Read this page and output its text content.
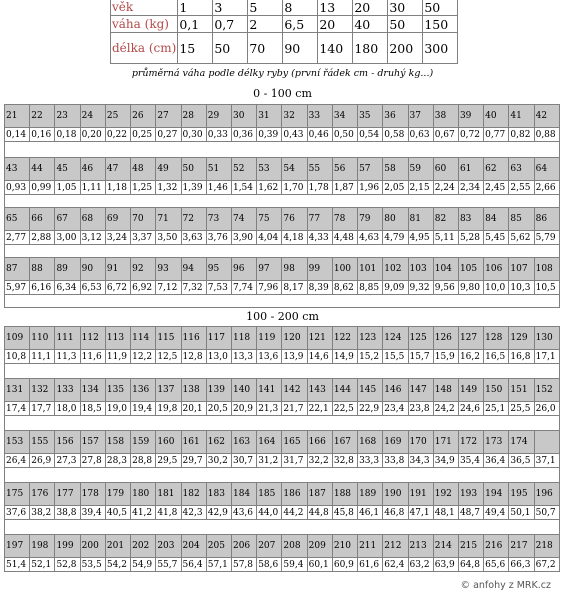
věk	1	3	5	8	13	20	30	50
váha (kg)	0,1	0,7	2	6,5	20	40	50	150
délka (cm)	15	50	70	90	140	180	200	300
průměrná váha podle délky ryby (první řádek cm - druhý kg...)
0 - 100 cm
21	22	23	24	25	26	27	28	29	30	31	32	33	34	35	36	37	38	39	40	41	42
0,14	0,16	0,18	0,20	0,22	0,25	0,27	0,30	0,33	0,36	0,39	0,43	0,46	0,50	0,54	0,58	0,63	0,67	0,72	0,77	0,82	0,88

43	44	45	46	47	48	49	50	51	52	53	54	55	56	57	58	59	60	61	62	63	64
0,93	0,99	1,05	1,11	1,18	1,25	1,32	1,39	1,46	1,54	1,62	1,70	1,78	1,87	1,96	2,05	2,15	2,24	2,34	2,45	2,55	2,66

65	66	67	68	69	70	71	72	73	74	75	76	77	78	79	80	81	82	83	84	85	86
2,77	2,88	3,00	3,12	3,24	3,37	3,50	3,63	3,76	3,90	4,04	4,18	4,33	4,48	4,63	4,79	4,95	5,11	5,28	5,45	5,62	5,79

87	88	89	90	91	92	93	94	95	96	97	98	99	100	101	102	103	104	105	106	107	108
5,97	6,16	6,34	6,53	6,72	6,92	7,12	7,32	7,53	7,74	7,96	8,17	8,39	8,62	8,85	9,09	9,32	9,56	9,80	10,0	10,3	10,5

100 - 200 cm
109	110	111	112	113	114	115	116	117	118	119	120	121	122	123	124	125	126	127	128	129	130
10,8	11,1	11,3	11,6	11,9	12,2	12,5	12,8	13,0	13,3	13,6	13,9	14,6	14,9	15,2	15,5	15,7	15,9	16,2	16,5	16,8	17,1

131	132	133	134	135	136	137	138	139	140	141	142	143	144	145	146	147	148	149	150	151	152
17,4	17,7	18,0	18,5	19,0	19,4	19,8	20,1	20,5	20,9	21,3	21,7	22,1	22,5	22,9	23,4	23,8	24,2	24,6	25,1	25,5	26,0

153	155	156	157	158	159	160	161	162	163	164	165	166	167	168	169	170	171	172	173	174	
26,4	26,9	27,3	27,8	28,3	28,8	29,5	29,7	30,2	30,7	31,2	31,7	32,2	32,8	33,3	33,8	34,3	34,9	35,4	36,4	36,5	37,1

175	176	177	178	179	180	181	182	183	184	185	186	187	188	189	190	191	192	193	194	195	196
37,6	38,2	38,8	39,4	40,5	41,2	41,8	42,3	42,9	43,6	44,0	44,2	44,8	45,8	46,1	46,8	47,1	48,1	48,7	49,4	50,1	50,7

197	198	199	200	201	202	203	204	205	206	207	208	209	210	211	212	213	214	215	216	217	218
51,4	52,1	52,8	53,5	54,2	54,9	55,7	56,4	57,1	57,8	58,6	59,4	60,1	60,9	61,6	62,4	63,2	63,9	64,8	65,6	66,3	67,2
© anfohy z MRK.cz
